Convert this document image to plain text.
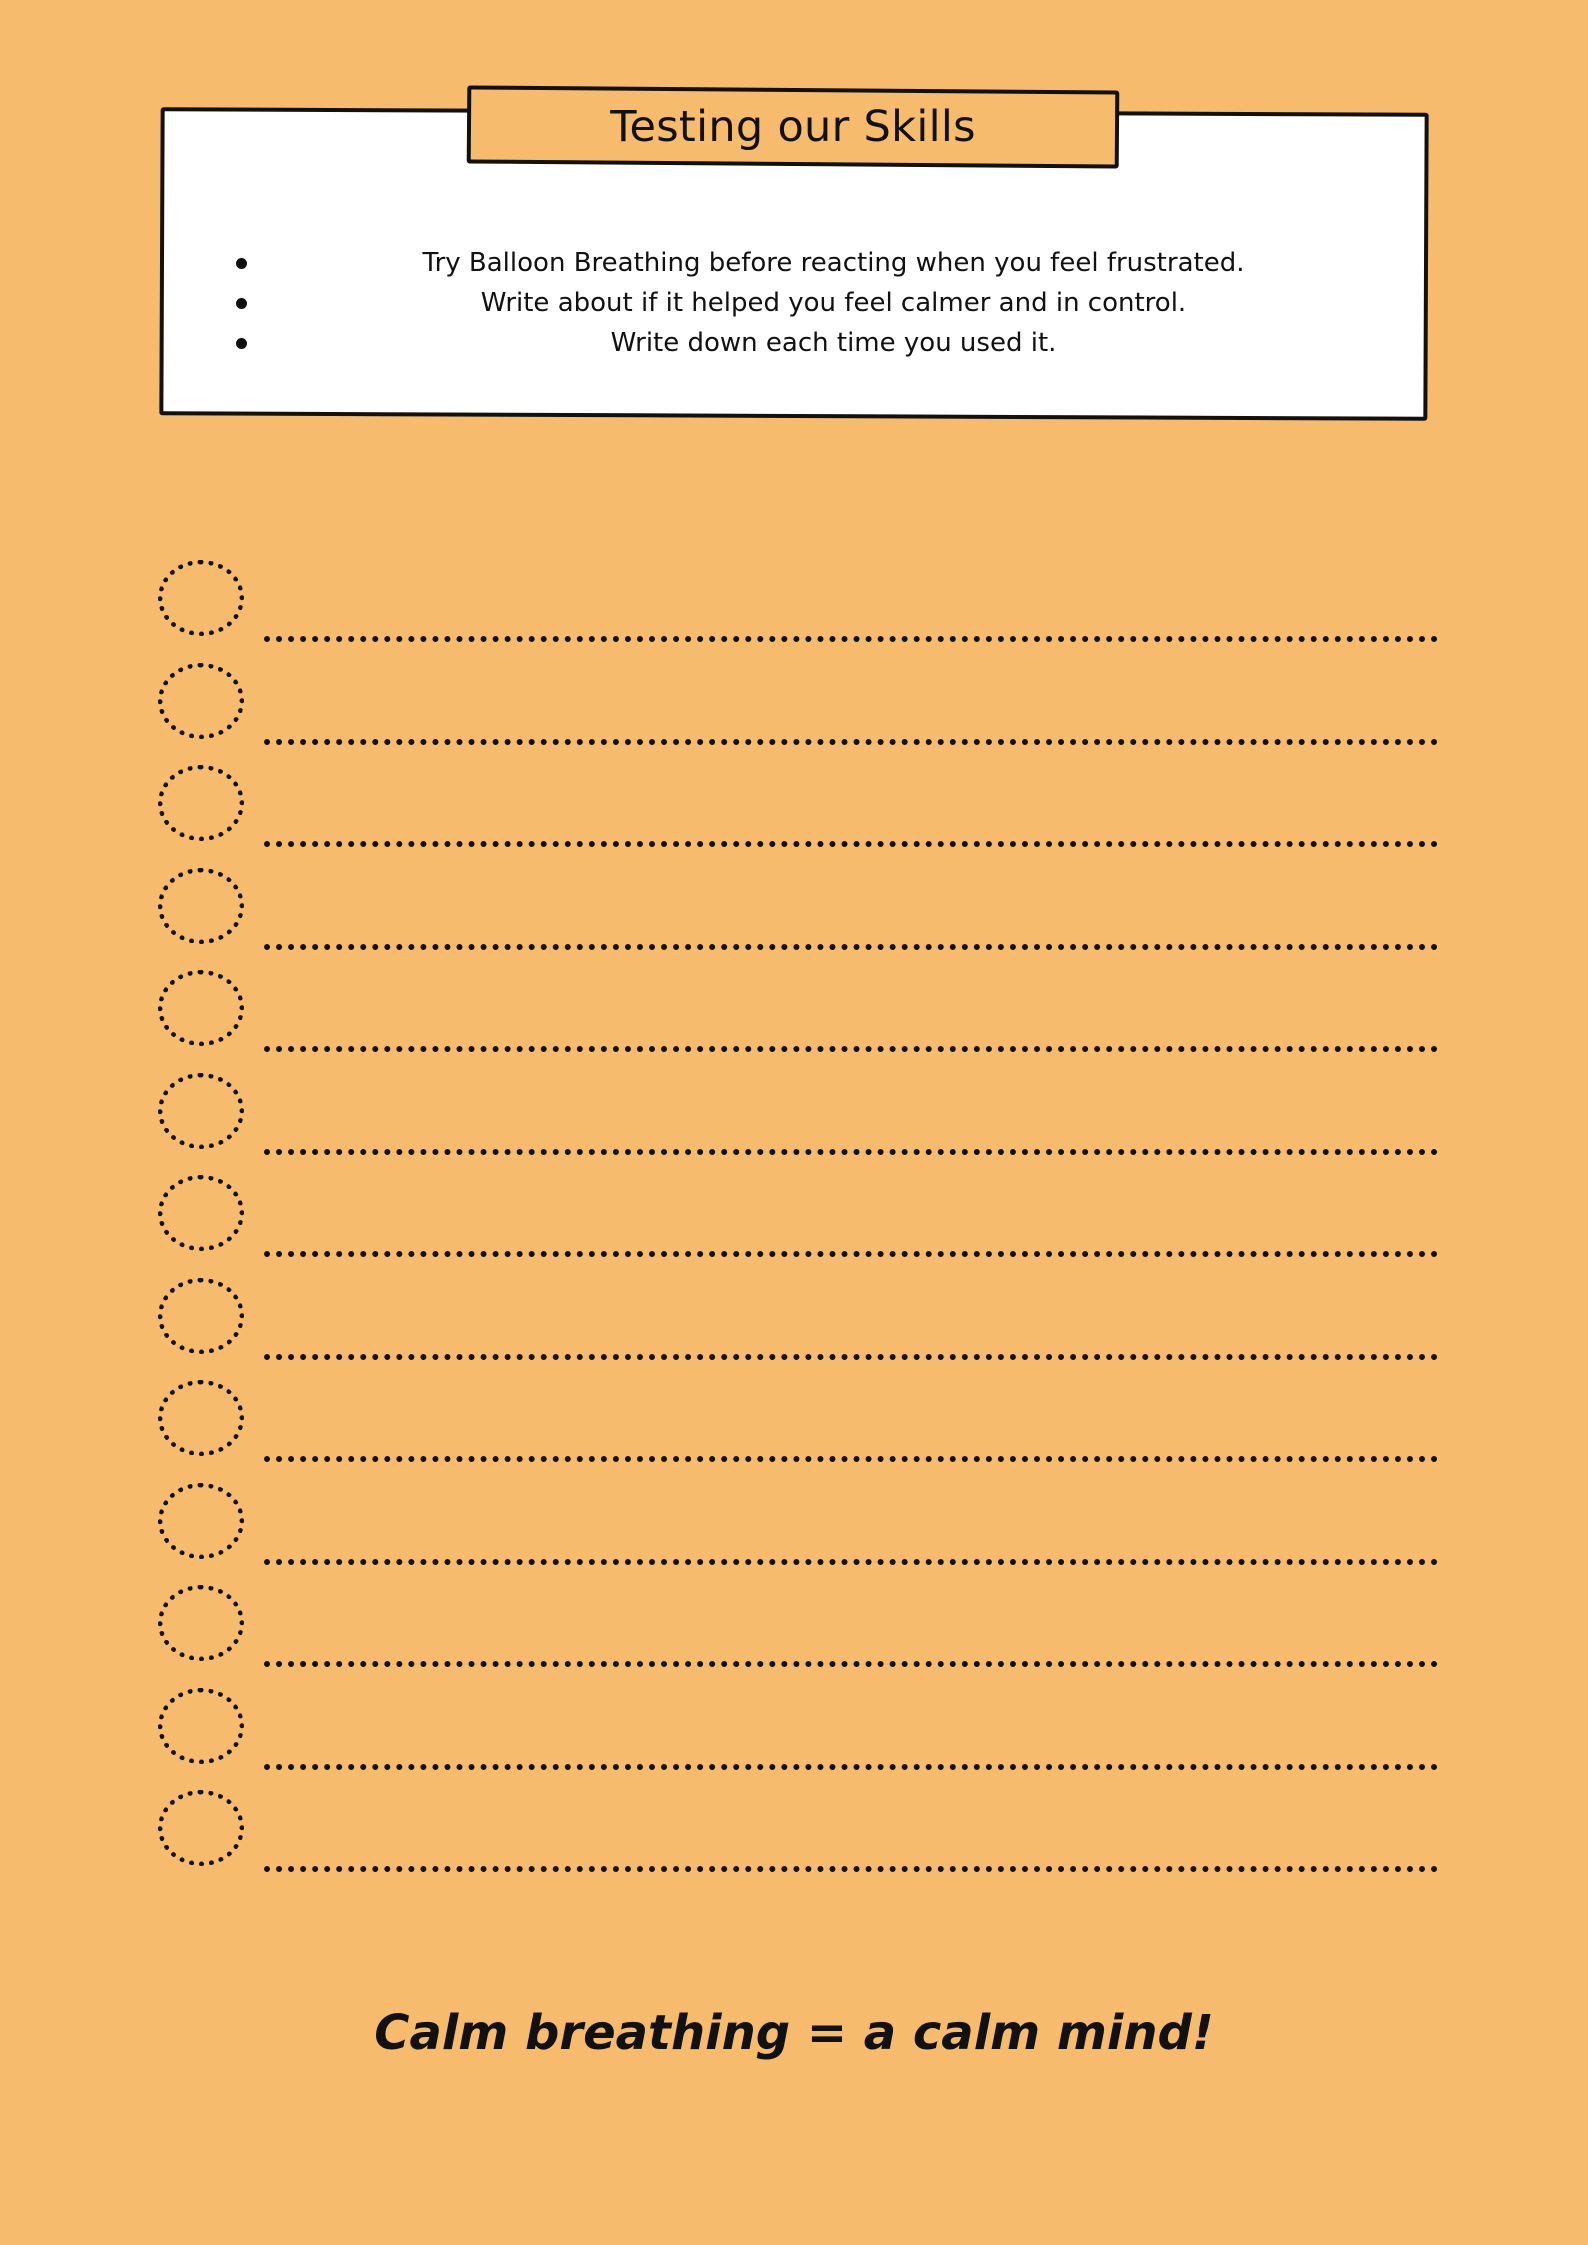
Testing our Skills
Try Balloon Breathing before reacting when you feel frustrated.
Write about if it helped you feel calmer and in control.
Write down each time you used it.

Calm breathing = a calm mind!
